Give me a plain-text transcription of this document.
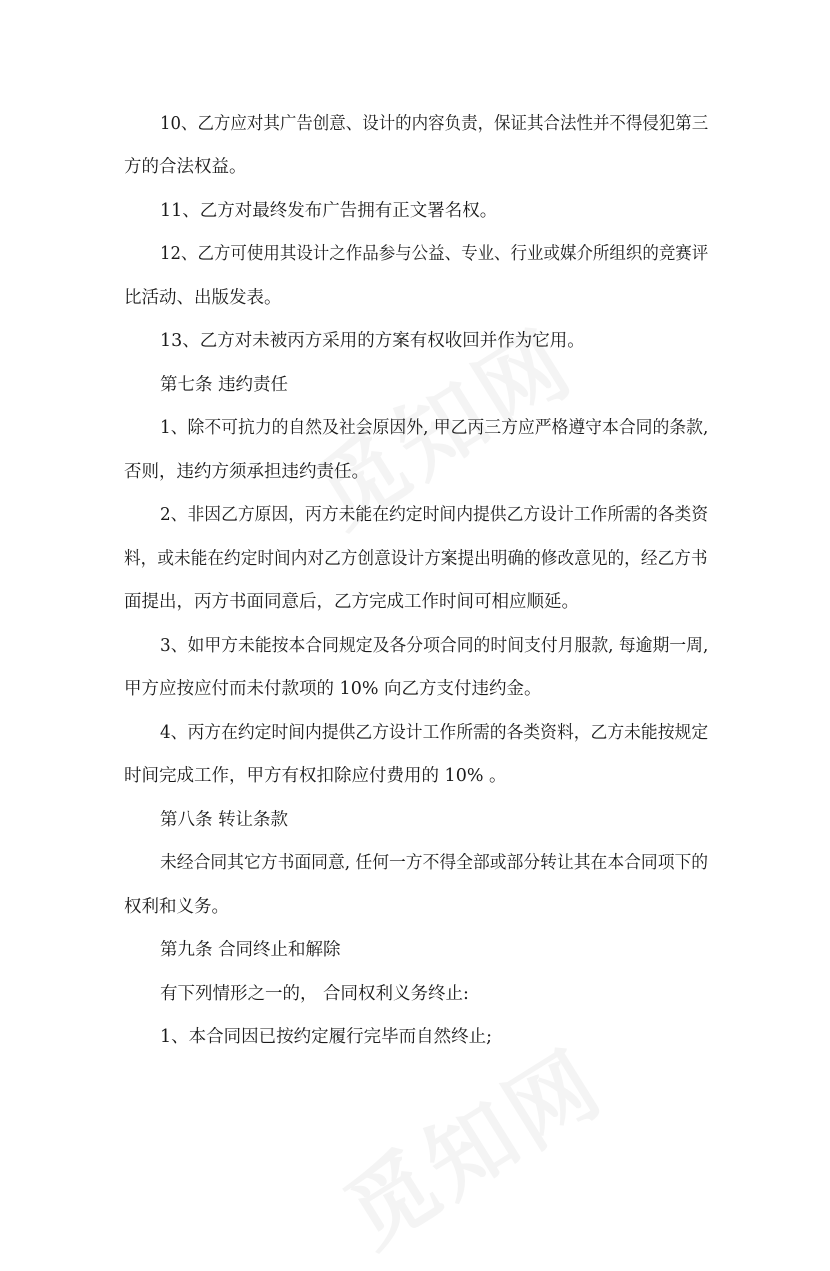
10、乙方应对其广告创意、设计的内容负责，保证其合法性并不得侵犯第三

方的合法权益。

11、乙方对最终发布广告拥有正文署名权。

12、乙方可使用其设计之作品参与公益、专业、行业或媒介所组织的竞赛评

比活动、出版发表。

13、乙方对未被丙方采用的方案有权收回并作为它用。

第七条 违约责任

1、除不可抗力的自然及社会原因外, 甲乙丙三方应严格遵守本合同的条款,

否则，违约方须承担违约责任。

2、非因乙方原因，丙方未能在约定时间内提供乙方设计工作所需的各类资

料，或未能在约定时间内对乙方创意设计方案提出明确的修改意见的，经乙方书

面提出，丙方书面同意后，乙方完成工作时间可相应顺延。

3、如甲方未能按本合同规定及各分项合同的时间支付月服款, 每逾期一周,

甲方应按应付而未付款项的 10% 向乙方支付违约金。

4、丙方在约定时间内提供乙方设计工作所需的各类资料，乙方未能按规定

时间完成工作，甲方有权扣除应付费用的 10% 。

第八条 转让条款

未经合同其它方书面同意, 任何一方不得全部或部分转让其在本合同项下的

权利和义务。

第九条 合同终止和解除

有下列情形之一的， 合同权利义务终止:

1、本合同因已按约定履行完毕而自然终止;
